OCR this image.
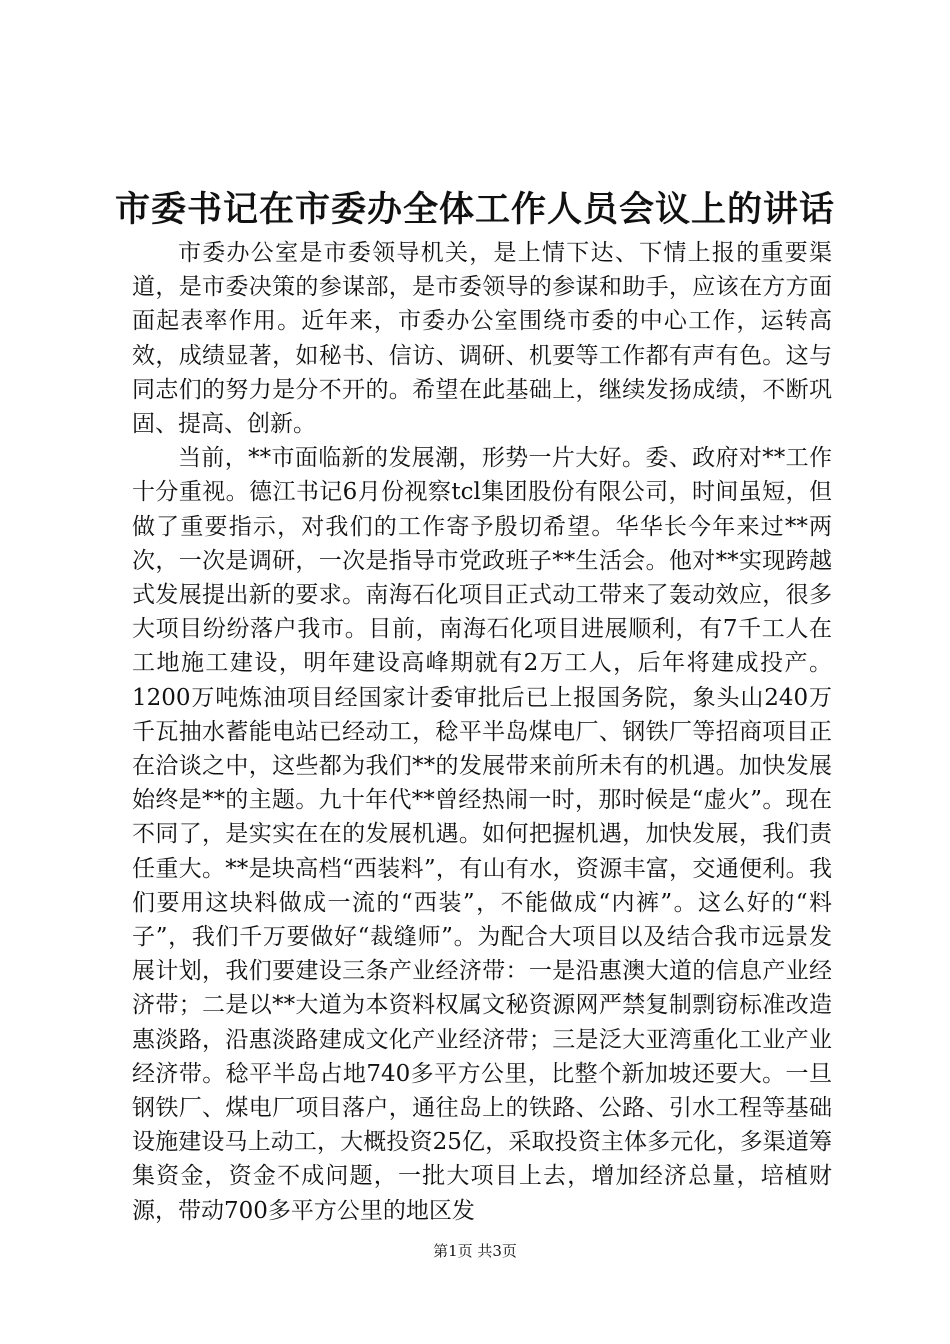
市委书记在市委办全体工作人员会议上的讲话

市委办公室是市委领导机关，是上情下达、下情上报的重要渠道，是市委决策的参谋部，是市委领导的参谋和助手，应该在方方面面起表率作用。近年来，市委办公室围绕市委的中心工作，运转高效，成绩显著，如秘书、信访、调研、机要等工作都有声有色。这与同志们的努力是分不开的。希望在此基础上，继续发扬成绩，不断巩固、提高、创新。

当前，**市面临新的发展潮，形势一片大好。委、政府对**工作十分重视。德江书记6月份视察tcl集团股份有限公司，时间虽短，但做了重要指示，对我们的工作寄予殷切希望。华华长今年来过**两次，一次是调研，一次是指导市党政班子**生活会。他对**实现跨越式发展提出新的要求。南海石化项目正式动工带来了轰动效应，很多大项目纷纷落户我市。目前，南海石化项目进展顺利，有7千工人在工地施工建设，明年建设高峰期就有2万工人，后年将建成投产。1200万吨炼油项目经国家计委审批后已上报国务院，象头山240万千瓦抽水蓄能电站已经动工，稔平半岛煤电厂、钢铁厂等招商项目正在洽谈之中，这些都为我们**的发展带来前所未有的机遇。加快发展始终是**的主题。九十年代**曾经热闹一时，那时候是“虚火”。现在不同了，是实实在在的发展机遇。如何把握机遇，加快发展，我们责任重大。**是块高档“西装料”，有山有水，资源丰富，交通便利。我们要用这块料做成一流的“西装”，不能做成“内裤”。这么好的“料子”，我们千万要做好“裁缝师”。为配合大项目以及结合我市远景发展计划，我们要建设三条产业经济带：一是沿惠澳大道的信息产业经济带；二是以**大道为本资料权属文秘资源网严禁复制剽窃标准改造惠淡路，沿惠淡路建成文化产业经济带；三是泛大亚湾重化工业产业经济带。稔平半岛占地740多平方公里，比整个新加坡还要大。一旦钢铁厂、煤电厂项目落户，通往岛上的铁路、公路、引水工程等基础设施建设马上动工，大概投资25亿，采取投资主体多元化，多渠道筹集资金，资金不成问题，一批大项目上去，增加经济总量，培植财源，带动700多平方公里的地区发

第1页 共3页
